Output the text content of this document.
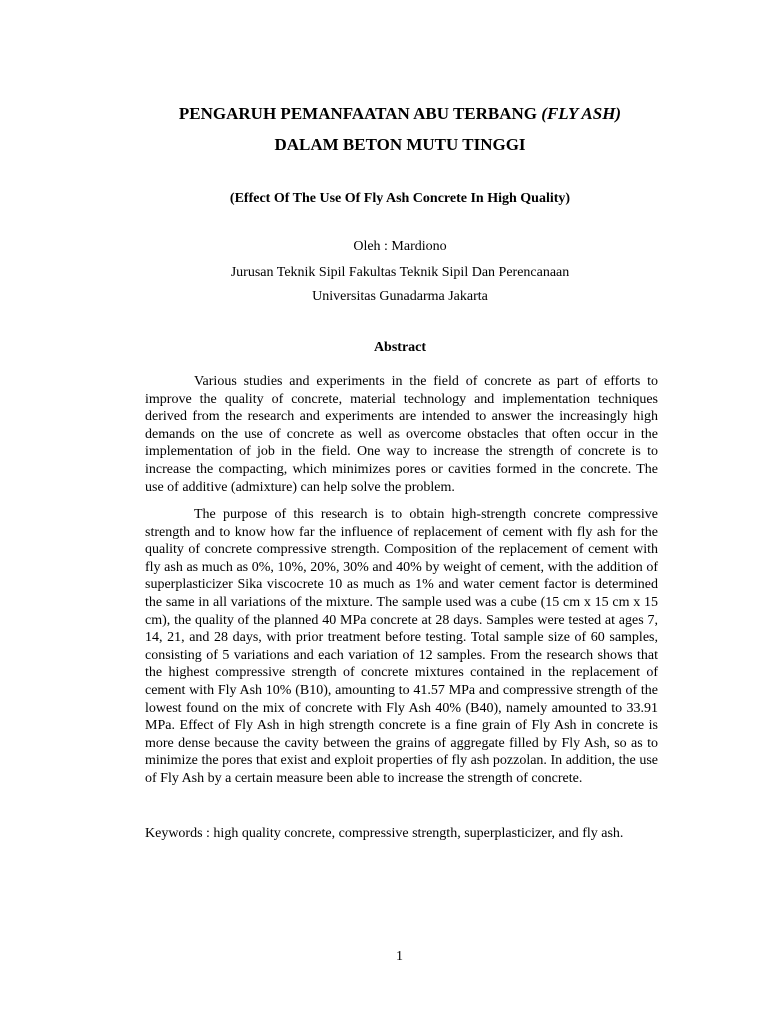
PENGARUH PEMANFAATAN ABU TERBANG (FLY ASH)
DALAM BETON MUTU TINGGI
(Effect Of The Use Of Fly Ash Concrete In High Quality)
Oleh : Mardiono
Jurusan Teknik Sipil Fakultas Teknik Sipil Dan Perencanaan
Universitas Gunadarma Jakarta
Abstract

Various studies and experiments in the field of concrete as part of efforts to improve the quality of concrete, material technology and implementation techniques derived from the research and experiments are intended to answer the increasingly high demands on the use of concrete as well as overcome obstacles that often occur in the implementation of job in the field. One way to increase the strength of concrete is to increase the compacting, which minimizes pores or cavities formed in the concrete. The use of additive (admixture) can help solve the problem.

The purpose of this research is to obtain high-strength concrete compressive strength and to know how far the influence of replacement of cement with fly ash for the quality of concrete compressive strength. Composition of the replacement of cement with fly ash as much as 0%, 10%, 20%, 30% and 40% by weight of cement, with the addition of superplasticizer Sika viscocrete 10 as much as 1% and water cement factor is determined the same in all variations of the mixture. The sample used was a cube (15 cm x 15 cm x 15 cm), the quality of the planned 40 MPa concrete at 28 days. Samples were tested at ages 7, 14, 21, and 28 days, with prior treatment before testing. Total sample size of 60 samples, consisting of 5 variations and each variation of 12 samples. From the research shows that the highest compressive strength of concrete mixtures contained in the replacement of cement with Fly Ash 10% (B10), amounting to 41.57 MPa and compressive strength of the lowest found on the mix of concrete with Fly Ash 40% (B40), namely amounted to 33.91 MPa. Effect of Fly Ash in high strength concrete is a fine grain of Fly Ash in concrete is more dense because the cavity between the grains of aggregate filled by Fly Ash, so as to minimize the pores that exist and exploit properties of fly ash pozzolan. In addition, the use of Fly Ash by a certain measure been able to increase the strength of concrete.

Keywords : high quality concrete, compressive strength, superplasticizer, and fly ash.

1
